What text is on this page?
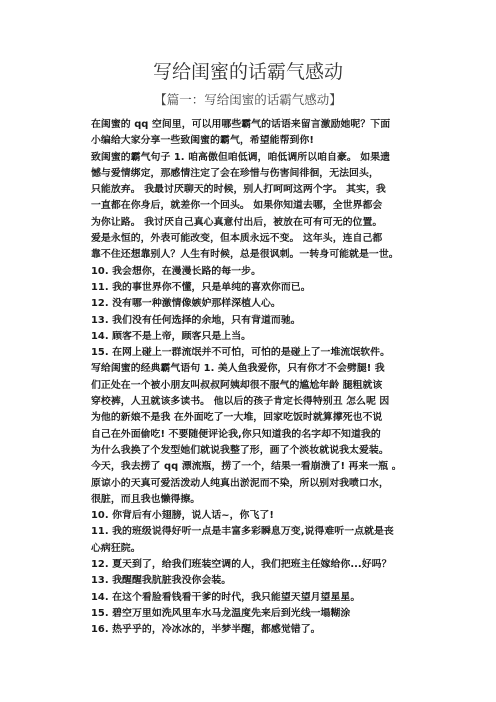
写给闺蜜的话霸气感动
【篇一：写给闺蜜的话霸气感动】
在闺蜜的 qq 空间里，可以用哪些霸气的话语来留言激励她呢？下面
小编给大家分享一些致闺蜜的霸气，希望能帮到你!
致闺蜜的霸气句子 1. 咱高傲但咱低调，咱低调所以咱自豪。 如果遗
憾与爱情绑定，那感情注定了会在珍惜与伤害间徘徊，无法回头，
只能放弃。 我最讨厌聊天的时候，别人打呵呵这两个字。 其实，我
一直都在你身后，就差你一个回头。 如果你知道去哪，全世界都会
为你让路。 我讨厌自己真心真意付出后，被放在可有可无的位置。
爱是永恒的，外表可能改变，但本质永远不变。 这年头，连自己都
靠不住还想靠别人？人生有时候，总是很讽刺。一转身可能就是一世。
10. 我会想你，在漫漫长路的每一步。
11. 我的事世界你不懂，只是单纯的喜欢你而已。
12. 没有哪一种激情像嫉妒那样深植人心。
13. 我们没有任何选择的余地，只有背道而驰。
14. 顾客不是上帝，顾客只是上当。
15. 在网上碰上一群流氓并不可怕，可怕的是碰上了一堆流氓软件。
写给闺蜜的经典霸气语句 1. 美人鱼我爱你，只有你才不会劈腿! 我
们正处在一个被小朋友叫叔叔阿姨却很不服气的尴尬年龄 腿粗就该
穿校裤，人丑就该多读书。 他以后的孩子肯定长得特别丑 怎么呢 因
为他的新娘不是我 在外面吃了一大堆，回家吃饭时就算撑死也不说
自己在外面偷吃! 不要随便评论我,你只知道我的名字却不知道我的
为什么我换了个发型她们就说我整了形，画了个淡妆就说我太爱装。
今天，我去捞了 qq 漂流瓶，捞了一个，结果一看崩溃了! 再来一瓶 。
原谅小的天真可爱活泼动人纯真出淤泥而不染，所以别对我喷口水，
很脏，而且我也懒得擦。
10. 你背后有小翅膀，说人话~，你飞了!
11. 我的班级说得好听一点是丰富多彩瞬息万变,说得难听一点就是丧
心病狂院。
12. 夏天到了，给我们班装空调的人，我们把班主任嫁给你...好吗？
13. 我醒醒我肮脏我没你会装。
14. 在这个看脸看钱看干爹的时代，我只能望天望月望星星。
15. 碧空万里如洗风里车水马龙温度先来后到光线一塌糊涂
16. 热乎乎的，冷冰冰的，半梦半醒，都感觉错了。
